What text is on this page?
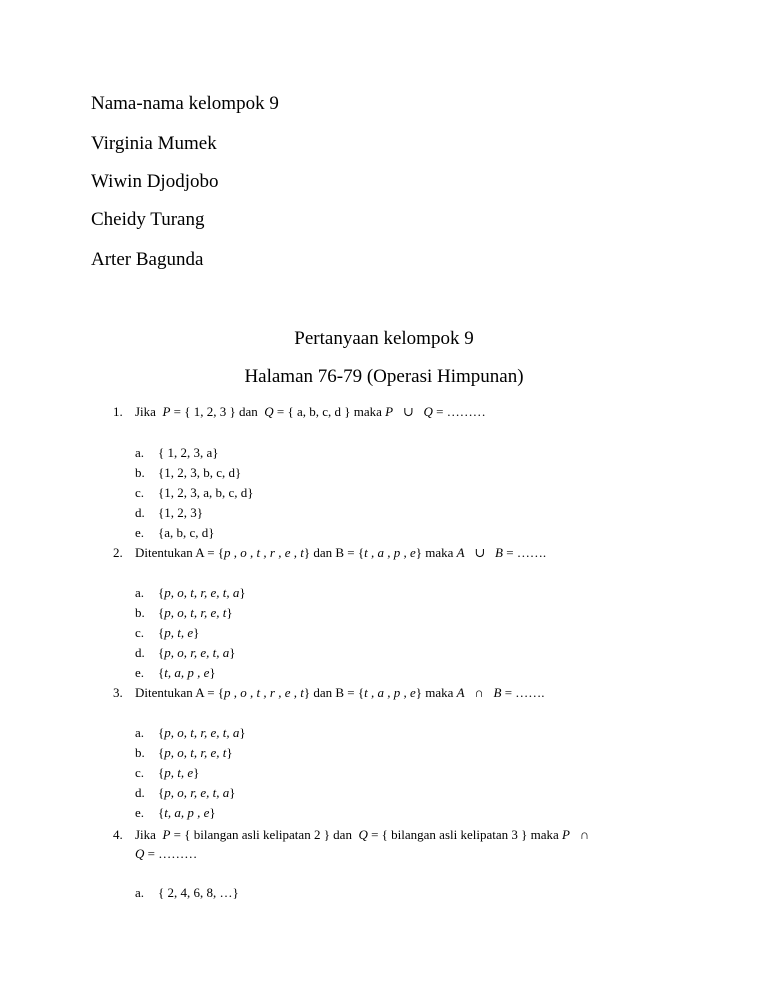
Nama-nama kelompok 9
Virginia Mumek
Wiwin Djodjobo
Cheidy Turang
Arter Bagunda
Pertanyaan kelompok 9
Halaman 76-79 (Operasi Himpunan)
1. Jika P = { 1, 2, 3 } dan Q = { a, b, c, d } maka P ∪ Q = ………
a. { 1, 2, 3, a}
b. {1, 2, 3, b, c, d}
c. {1, 2, 3, a, b, c, d}
d. {1, 2, 3}
e. {a, b, c, d}
2. Ditentukan A = {p , o , t , r , e , t} dan B = {t , a , p , e} maka A ∪ B = …….
a. {p, o, t, r, e, t, a}
b. {p, o, t, r, e, t}
c. {p, t, e}
d. {p, o, r, e, t, a}
e. {t, a, p , e}
3. Ditentukan A = {p , o , t , r , e , t} dan B = {t , a , p , e} maka A ∩ B = …….
a. {p, o, t, r, e, t, a}
b. {p, o, t, r, e, t}
c. {p, t, e}
d. {p, o, r, e, t, a}
e. {t, a, p , e}
4. Jika P = { bilangan asli kelipatan 2 } dan Q = { bilangan asli kelipatan 3 } maka P ∩
Q = ………
a. { 2, 4, 6, 8, …}
